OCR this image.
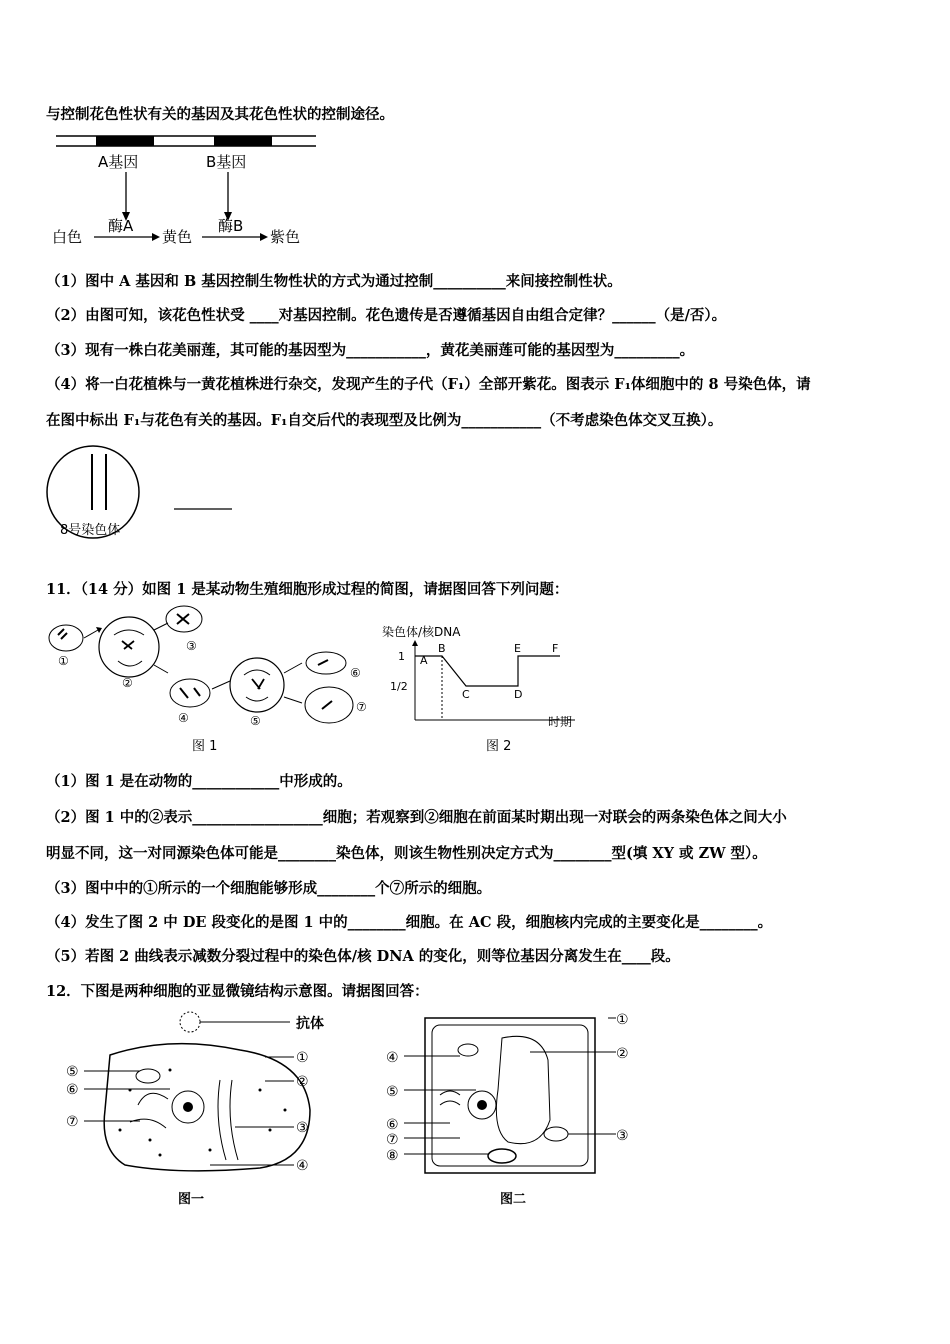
与控制花色性状有关的基因及其花色性状的控制途径。
A基因	B基因
白色
酶A
黄色
酶B
紫色
（1）图中 A 基因和 B 基因控制生物性状的方式为通过控制__________来间接控制性状。
（2）由图可知，该花色性状受 ____对基因控制。花色遗传是否遵循基因自由组合定律？______（是/否）。
（3）现有一株白花美丽莲，其可能的基因型为___________，黄花美丽莲可能的基因型为_________。
（4）将一白花植株与一黄花植株进行杂交，发现产生的子代（F₁）全部开紫花。图表示 F₁体细胞中的 8 号染色体，请
在图中标出 F₁与花色有关的基因。F₁自交后代的表现型及比例为___________（不考虑染色体交叉互换）。
8号染色体
11．（14 分）如图 1 是某动物生殖细胞形成过程的简图，请据图回答下列问题：
①
②
③
④	⑤
⑥
⑦
图 1
染色体/核DNA
时期
1
1/2
A
B
C	D
E	F
图 2
（1）图 1 是在动物的____________中形成的。
（2）图 1 中的②表示__________________细胞；若观察到②细胞在前面某时期出现一对联会的两条染色体之间大小
明显不同，这一对同源染色体可能是________染色体，则该生物性别决定方式为________型(填 XY 或 ZW 型）。
（3）图中中的①所示的一个细胞能够形成________个⑦所示的细胞。
（4）发生了图 2 中 DE 段变化的是图 1 中的________细胞。在 AC 段，细胞核内完成的主要变化是________。
（5）若图 2 曲线表示减数分裂过程中的染色体/核 DNA 的变化，则等位基因分离发生在____段。
12．下图是两种细胞的亚显微镜结构示意图。请据图回答：
抗体
①
②
③
④
⑤
⑥
⑦
图一
①
②
③
④
⑤
⑥
⑦
⑧
图二
